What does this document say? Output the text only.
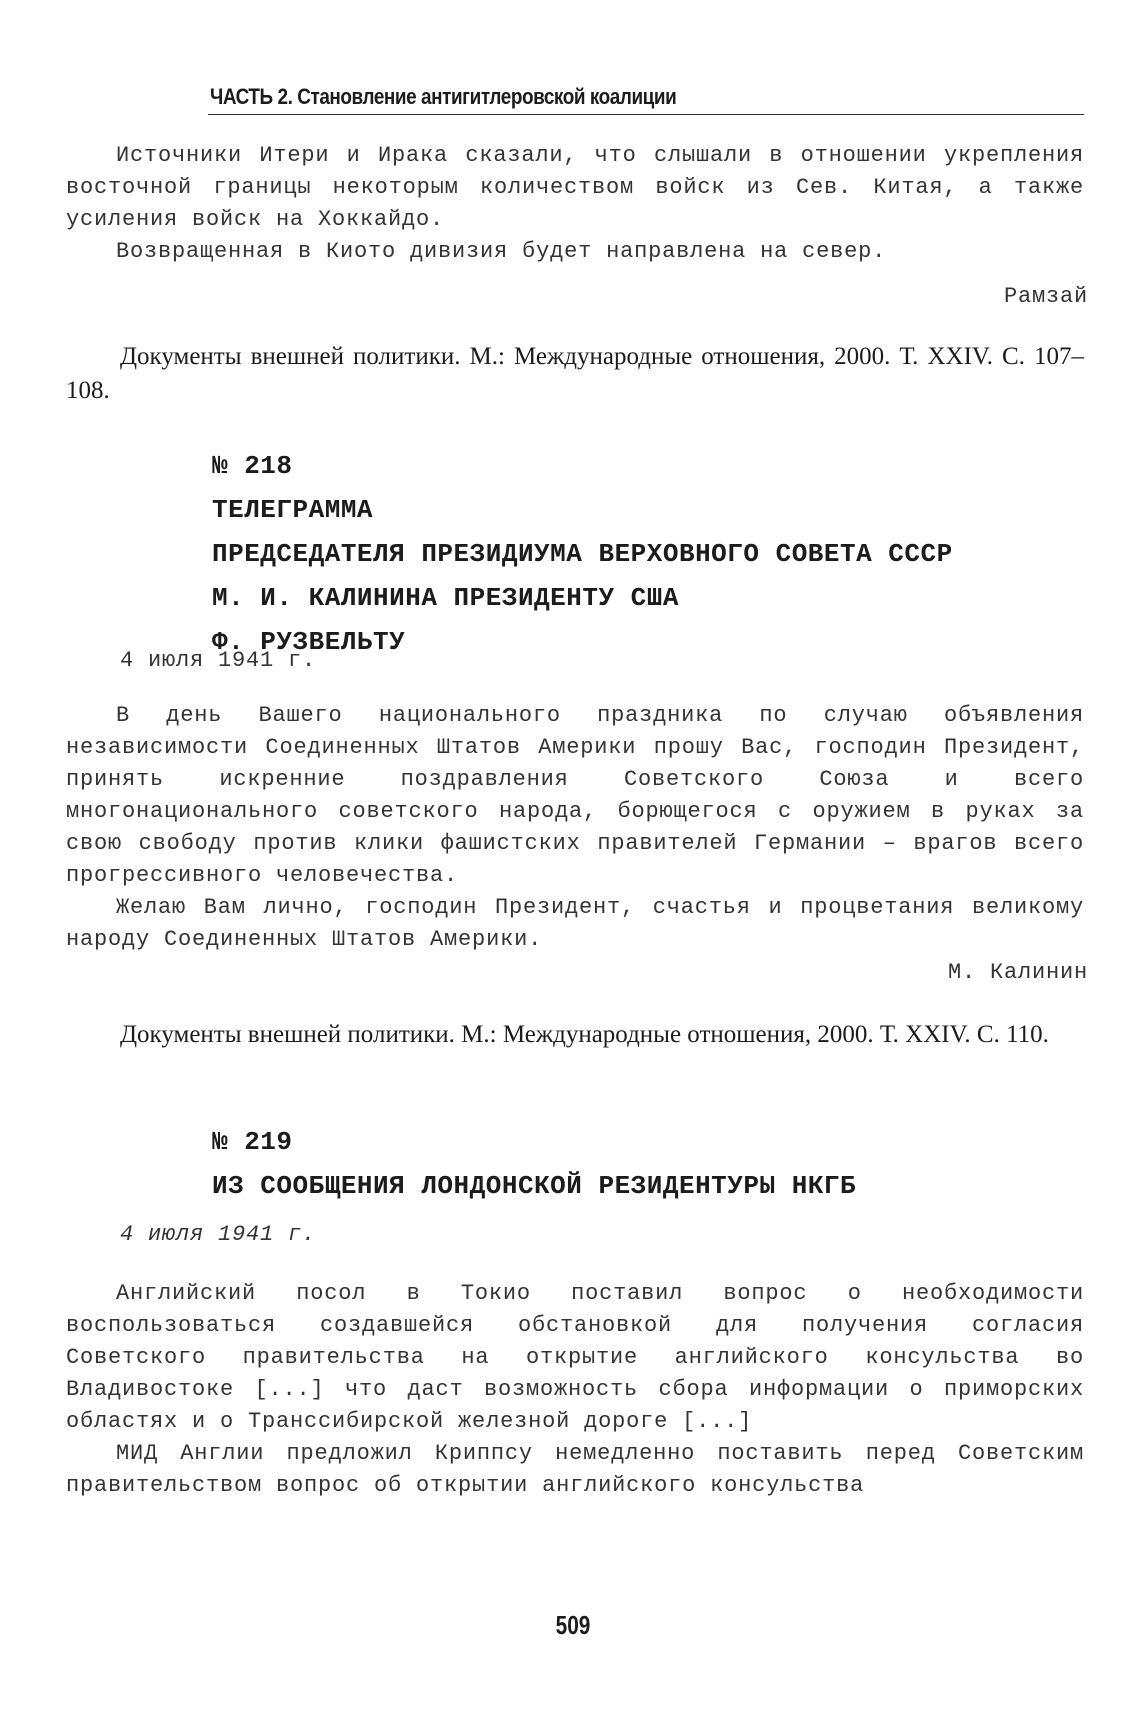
ЧАСТЬ 2. Становление антигитлеровской коалиции

Источники Итери и Ирака сказали, что слышали в отношении укрепления восточной границы некоторым количеством войск из Сев. Китая, а также усиления войск на Хоккайдо.

Возвращенная в Киото дивизия будет направлена на север.

Рамзай

Документы внешней политики. М.: Международные отношения, 2000. Т. XXIV. С. 107–108.

№ 218
ТЕЛЕГРАММА
ПРЕДСЕДАТЕЛЯ ПРЕЗИДИУМА ВЕРХОВНОГО СОВЕТА СССР
М. И. КАЛИНИНА ПРЕЗИДЕНТУ США
Ф. РУЗВЕЛЬТУ
4 июля 1941 г.

В день Вашего национального праздника по случаю объявления независимости Соединенных Штатов Америки прошу Вас, господин Президент, принять искренние поздравления Советского Союза и всего многонационального советского народа, борющегося с оружием в руках за свою свободу против клики фашистских правителей Германии – врагов всего прогрессивного человечества.

Желаю Вам лично, господин Президент, счастья и процветания великому народу Соединенных Штатов Америки.

М. Калинин

Документы внешней политики. М.: Международные отношения, 2000. Т. XXIV. С. 110.

№ 219
ИЗ СООБЩЕНИЯ ЛОНДОНСКОЙ РЕЗИДЕНТУРЫ НКГБ
4 июля 1941 г.

Английский посол в Токио поставил вопрос о необходимости воспользоваться создавшейся обстановкой для получения согласия Советского правительства на открытие английского консульства во Владивостоке [...] что даст возможность сбора информации о приморских областях и о Транссибирской железной дороге [...]

МИД Англии предложил Криппсу немедленно поставить перед Советским правительством вопрос об открытии английского консульства

509
